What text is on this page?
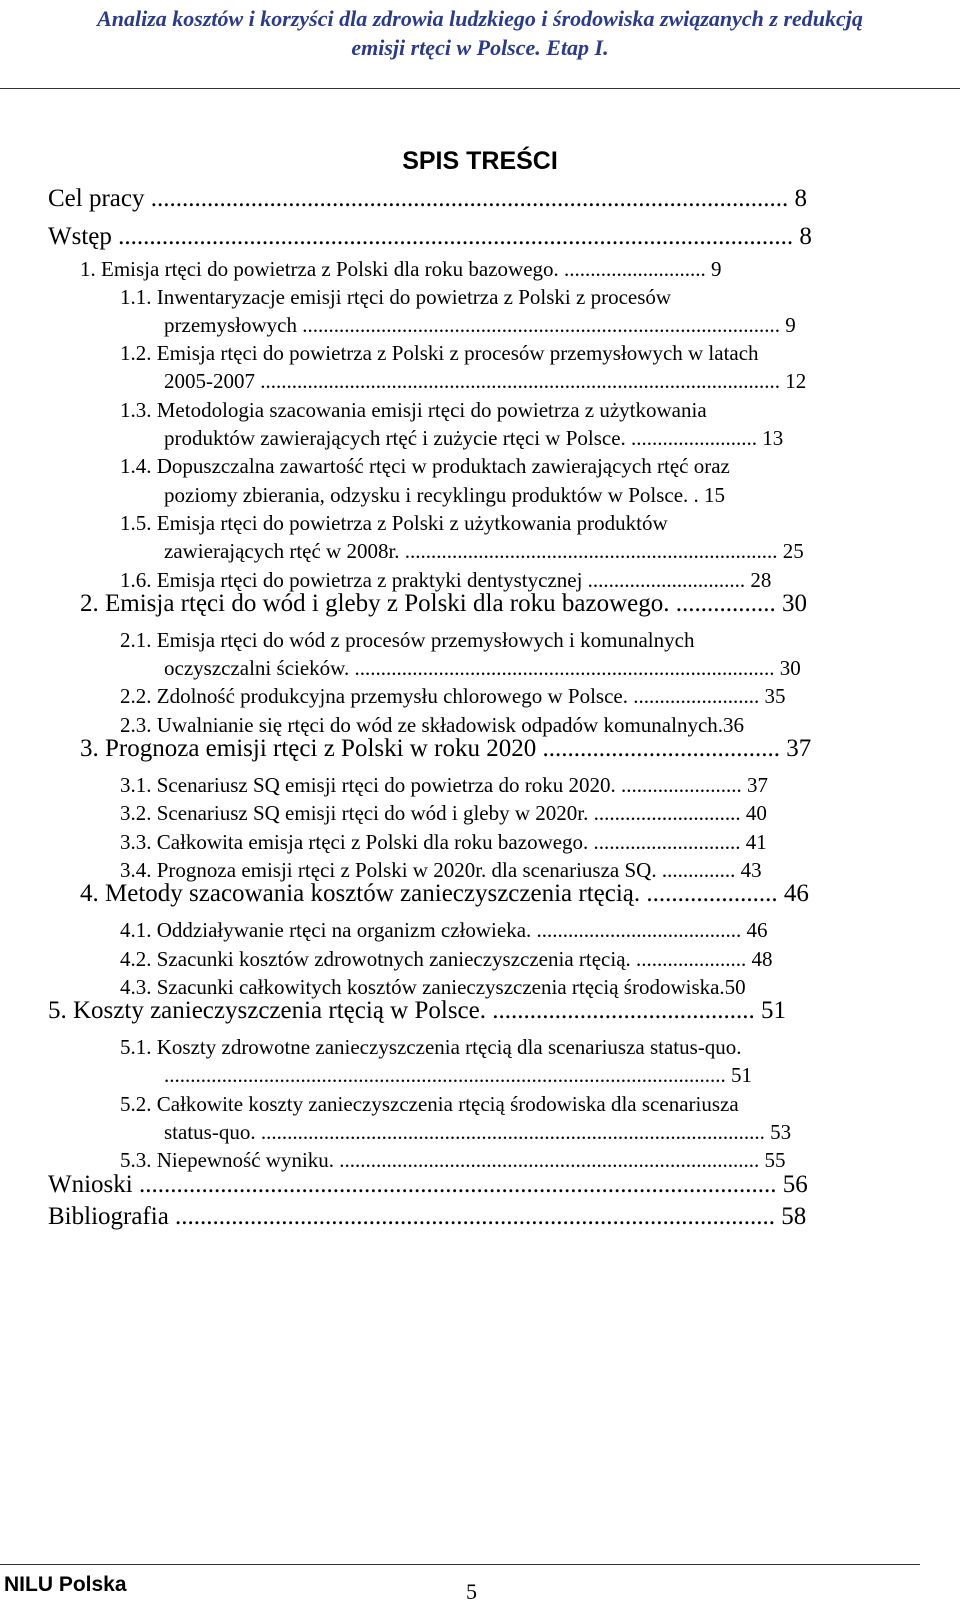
Analiza kosztów i korzyści dla zdrowia ludzkiego i środowiska związanych z redukcją
emisji rtęci w Polsce. Etap I.
SPIS TREŚCI
Cel pracy ...................................................................................................... 8
Wstęp ............................................................................................................ 8
1. Emisja rtęci do powietrza z Polski dla roku bazowego. ........................... 9
1.1. Inwentaryzacje emisji rtęci do powietrza z Polski z procesów
przemysłowych ........................................................................................... 9
1.2. Emisja rtęci do powietrza z Polski z procesów przemysłowych w latach
2005-2007 ................................................................................................... 12
1.3. Metodologia szacowania emisji rtęci do powietrza z użytkowania
produktów zawierających rtęć i zużycie rtęci w Polsce. ........................ 13
1.4. Dopuszczalna zawartość rtęci w produktach zawierających rtęć oraz
poziomy zbierania, odzysku i recyklingu produktów w Polsce. . 15
1.5. Emisja rtęci do powietrza z Polski z użytkowania produktów
zawierających rtęć w 2008r. ....................................................................... 25
1.6. Emisja rtęci do powietrza z praktyki dentystycznej .............................. 28
2. Emisja rtęci do wód i gleby z Polski dla roku bazowego. ................ 30
2.1. Emisja rtęci do wód z procesów przemysłowych i komunalnych
oczyszczalni ścieków. ................................................................................ 30
2.2. Zdolność produkcyjna przemysłu chlorowego w Polsce. ........................ 35
2.3. Uwalnianie się rtęci do wód ze składowisk odpadów komunalnych.36
3. Prognoza emisji rtęci z Polski w roku 2020 ...................................... 37
3.1. Scenariusz SQ emisji rtęci do powietrza do roku 2020. ....................... 37
3.2. Scenariusz SQ emisji rtęci do wód i gleby w 2020r. ............................ 40
3.3. Całkowita emisja rtęci z Polski dla roku bazowego. ............................ 41
3.4. Prognoza emisji rtęci z Polski w 2020r. dla scenariusza SQ. .............. 43
4. Metody szacowania kosztów zanieczyszczenia rtęcią. ..................... 46
4.1. Oddziaływanie rtęci na organizm człowieka. ....................................... 46
4.2. Szacunki kosztów zdrowotnych zanieczyszczenia rtęcią. ..................... 48
4.3. Szacunki całkowitych kosztów zanieczyszczenia rtęcią środowiska.50
5. Koszty zanieczyszczenia rtęcią w Polsce. .......................................... 51
5.1. Koszty zdrowotne zanieczyszczenia rtęcią dla scenariusza status-quo.
........................................................................................................... 51
5.2. Całkowite koszty zanieczyszczenia rtęcią środowiska dla scenariusza
status-quo. ................................................................................................ 53
5.3. Niepewność wyniku. ................................................................................ 55
Wnioski ...................................................................................................... 56
Bibliografia ................................................................................................ 58
NILU Polska	5
